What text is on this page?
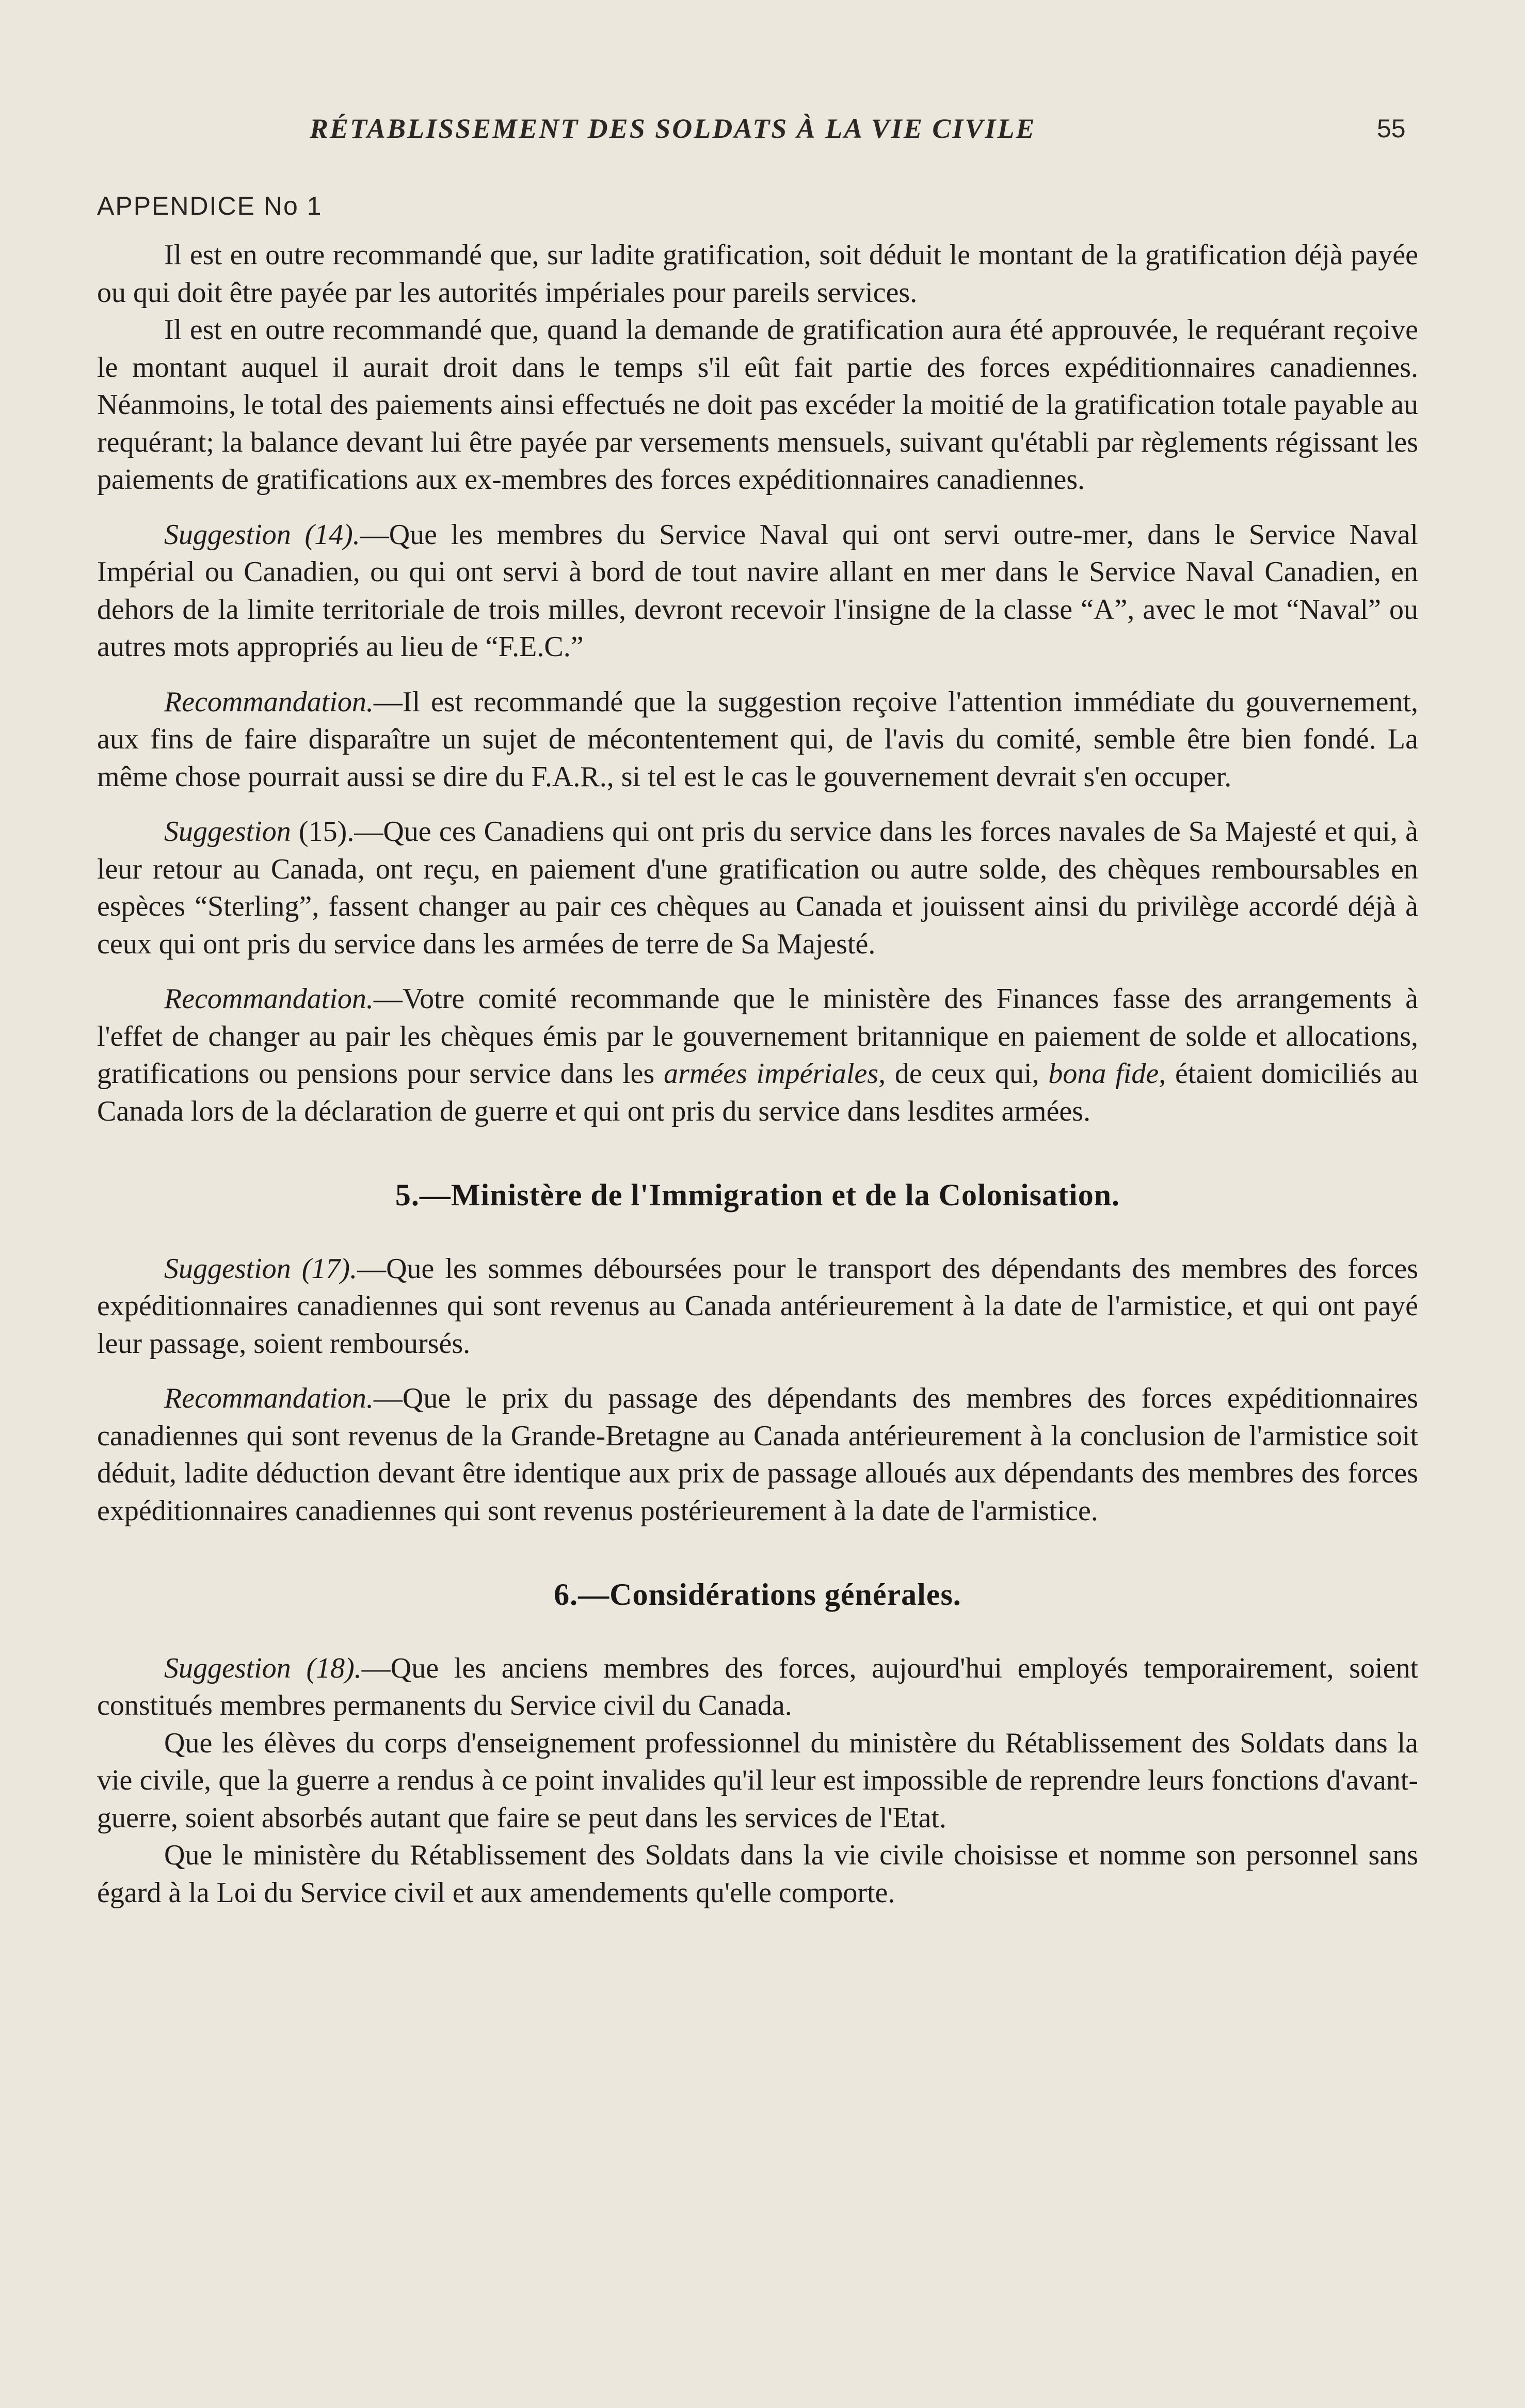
RÉTABLISSEMENT DES SOLDATS À LA VIE CIVILE	55
APPENDICE No 1

Il est en outre recommandé que, sur ladite gratification, soit déduit le montant de la gratification déjà payée ou qui doit être payée par les autorités impériales pour pareils services.

Il est en outre recommandé que, quand la demande de gratification aura été approuvée, le requérant reçoive le montant auquel il aurait droit dans le temps s'il eût fait partie des forces expéditionnaires canadiennes. Néanmoins, le total des paiements ainsi effectués ne doit pas excéder la moitié de la gratification totale payable au requérant; la balance devant lui être payée par versements mensuels, suivant qu'établi par règlements régissant les paiements de gratifications aux ex-membres des forces expéditionnaires canadiennes.

Suggestion (14).—Que les membres du Service Naval qui ont servi outre-mer, dans le Service Naval Impérial ou Canadien, ou qui ont servi à bord de tout navire allant en mer dans le Service Naval Canadien, en dehors de la limite territoriale de trois milles, devront recevoir l'insigne de la classe “A”, avec le mot “Naval” ou autres mots appropriés au lieu de “F.E.C.”

Recommandation.—Il est recommandé que la suggestion reçoive l'attention immédiate du gouvernement, aux fins de faire disparaître un sujet de mécontentement qui, de l'avis du comité, semble être bien fondé. La même chose pourrait aussi se dire du F.A.R., si tel est le cas le gouvernement devrait s'en occuper.

Suggestion (15).—Que ces Canadiens qui ont pris du service dans les forces navales de Sa Majesté et qui, à leur retour au Canada, ont reçu, en paiement d'une gratification ou autre solde, des chèques remboursables en espèces “Sterling”, fassent changer au pair ces chèques au Canada et jouissent ainsi du privilège accordé déjà à ceux qui ont pris du service dans les armées de terre de Sa Majesté.

Recommandation.—Votre comité recommande que le ministère des Finances fasse des arrangements à l'effet de changer au pair les chèques émis par le gouvernement britannique en paiement de solde et allocations, gratifications ou pensions pour service dans les armées impériales, de ceux qui, bona fide, étaient domiciliés au Canada lors de la déclaration de guerre et qui ont pris du service dans lesdites armées.

5.—Ministère de l'Immigration et de la Colonisation.

Suggestion (17).—Que les sommes déboursées pour le transport des dépendants des membres des forces expéditionnaires canadiennes qui sont revenus au Canada antérieurement à la date de l'armistice, et qui ont payé leur passage, soient remboursés.

Recommandation.—Que le prix du passage des dépendants des membres des forces expéditionnaires canadiennes qui sont revenus de la Grande-Bretagne au Canada antérieurement à la conclusion de l'armistice soit déduit, ladite déduction devant être identique aux prix de passage alloués aux dépendants des membres des forces expéditionnaires canadiennes qui sont revenus postérieurement à la date de l'armistice.

6.—Considérations générales.

Suggestion (18).—Que les anciens membres des forces, aujourd'hui employés temporairement, soient constitués membres permanents du Service civil du Canada.

Que les élèves du corps d'enseignement professionnel du ministère du Rétablissement des Soldats dans la vie civile, que la guerre a rendus à ce point invalides qu'il leur est impossible de reprendre leurs fonctions d'avant-guerre, soient absorbés autant que faire se peut dans les services de l'Etat.

Que le ministère du Rétablissement des Soldats dans la vie civile choisisse et nomme son personnel sans égard à la Loi du Service civil et aux amendements qu'elle comporte.
